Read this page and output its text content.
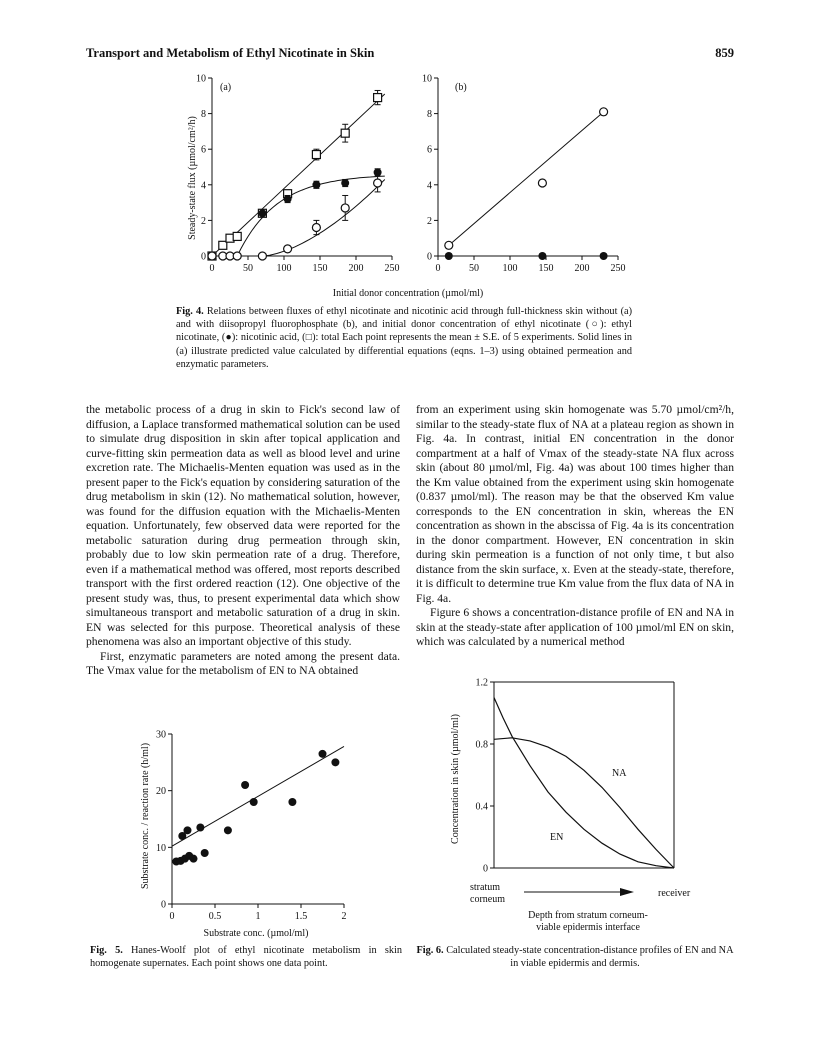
Transport and Metabolism of Ethyl Nicotinate in Skin	859
0
2
4
6
8
10
0	50 100 150 200 250
0
2
4
6
8
10
0	50 100 150 200 250
Steady-state flux (µmol/cm²/h)
(a)	(b)
Initial donor concentration (µmol/ml)
Fig. 4. Relations between fluxes of ethyl nicotinate and nicotinic acid through full-thickness skin without (a) and with diisopropyl fluorophosphate (b), and initial donor concentration of ethyl nicotinate (○): ethyl nicotinate, (●): nicotinic acid, (□): total Each point represents the mean ± S.E. of 5 experiments. Solid lines in (a) illustrate predicted value calculated by differential equations (eqns. 1–3) using obtained permeation and enzymatic parameters.

the metabolic process of a drug in skin to Fick's second law of diffusion, a Laplace transformed mathematical solution can be used to simulate drug disposition in skin after topical application and curve-fitting skin permeation data as well as blood level and urine excretion rate. The Michaelis-Menten equation was used as in the present paper to the Fick's equation by considering saturation of the drug metabolism in skin (12). No mathematical solution, however, was found for the diffusion equation with the Michaelis-Menten equation. Unfortunately, few observed data were reported for the metabolic saturation during drug permeation through skin, probably due to low skin permeation rate of a drug. Therefore, even if a mathematical method was offered, most reports described transport with the first ordered reaction (12). One objective of the present study was, thus, to present experimental data which show simultaneous transport and metabolic saturation of a drug in skin. EN was selected for this purpose. Theoretical analysis of these phenomena was also an important objective of this study.

First, enzymatic parameters are noted among the present data. The Vmax value for the metabolism of EN to NA obtained

from an experiment using skin homogenate was 5.70 µmol/cm²/h, similar to the steady-state flux of NA at a plateau region as shown in Fig. 4a. In contrast, initial EN concentration in the donor compartment at a half of Vmax of the steady-state NA flux across skin (about 80 µmol/ml, Fig. 4a) was about 100 times higher than the Km value obtained from the experiment using skin homogenate (0.837 µmol/ml). The reason may be that the observed Km value corresponds to the EN concentration in skin, whereas the EN concentration as shown in the abscissa of Fig. 4a is its concentration in the donor compartment. However, EN concentration in skin during skin permeation is a function of not only time, t but also distance from the skin surface, x. Even at the steady-state, therefore, it is difficult to determine true Km value from the flux data of NA in Fig. 4a.

Figure 6 shows a concentration-distance profile of EN and NA in skin at the steady-state after application of 100 µmol/ml EN on skin, which was calculated by a numerical method

0
10
20
30
0	0.5	1	1.5	2
Substrate conc. / reaction rate (h/ml)
Substrate conc. (µmol/ml)
Fig. 5. Hanes-Woolf plot of ethyl nicotinate metabolism in skin homogenate supernates. Each point shows one data point.
0
0.4
0.8
1.2
Concentration in skin (µmol/ml)	NA
EN
stratum
corneum
receiver
Depth from stratum corneum-
viable epidermis interface
Fig. 6. Calculated steady-state concentration-distance profiles of EN and NA in viable epidermis and dermis.
